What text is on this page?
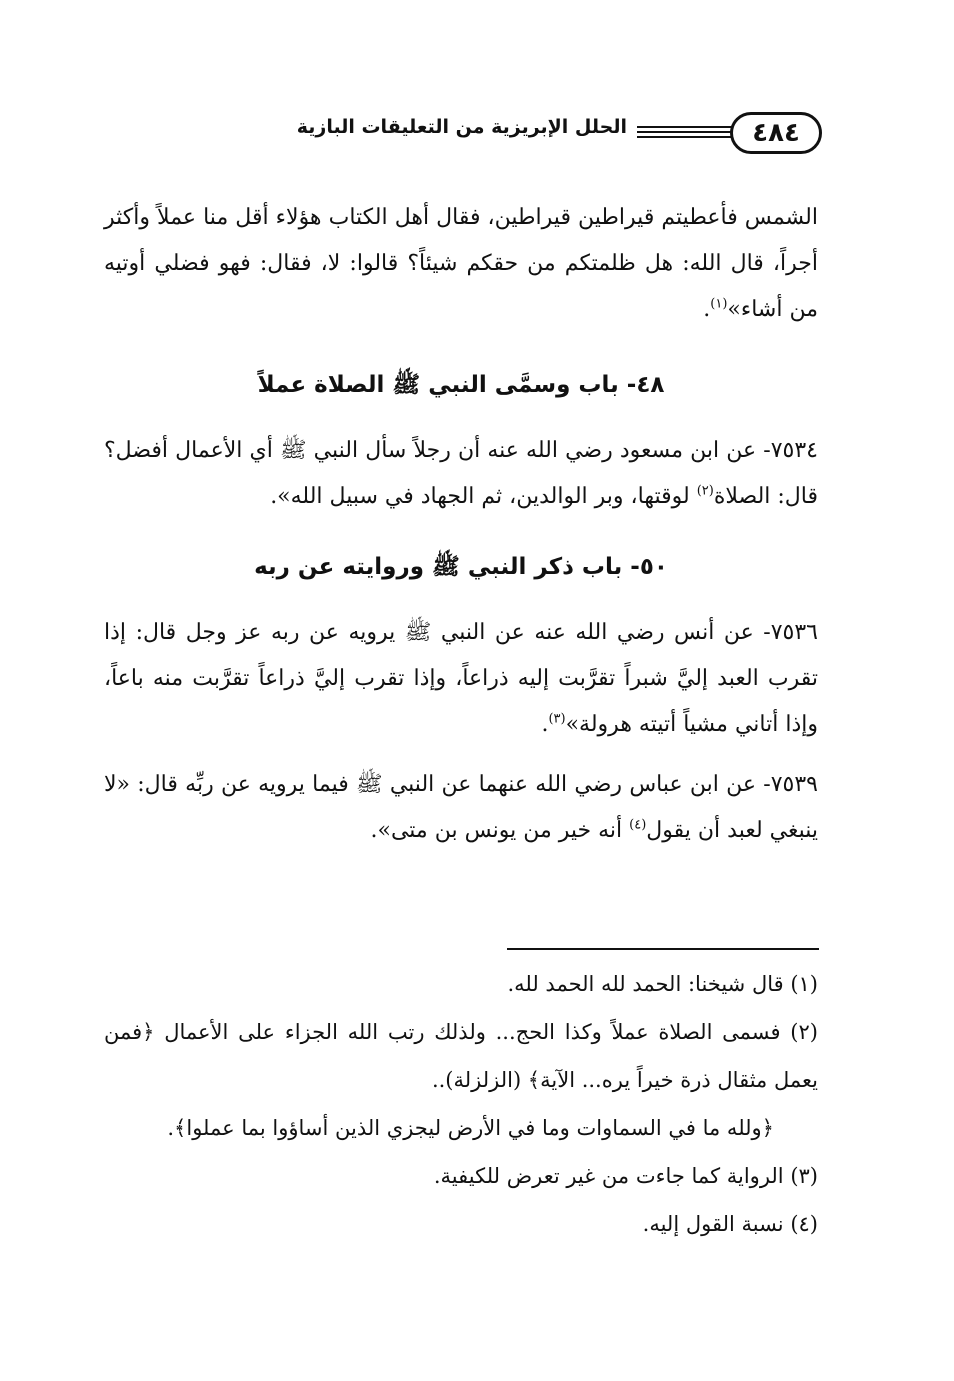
٤٨٤
الحلل الإبريزية من التعليقات البازية
الشمس فأعطيتم قيراطين قيراطين، فقال أهل الكتاب هؤلاء أقل منا عملاً وأكثر أجراً، قال الله: هل ظلمتكم من حقكم شيئاً؟ قالوا: لا، فقال: فهو فضلي أوتيه من أشاء»$^{(١)}$.
٤٨- باب وسمَّى النبي ﷺ الصلاة عملاً
٧٥٣٤- عن ابن مسعود رضي الله عنه أن رجلاً سأل النبي ﷺ أي الأعمال أفضل؟ قال: الصلاة$^{(٢)}$ لوقتها، وبر الوالدين، ثم الجهاد في سبيل الله».
٥٠- باب ذكر النبي ﷺ وروايته عن ربه
٧٥٣٦- عن أنس رضي الله عنه عن النبي ﷺ يرويه عن ربه عز وجل قال: إذا تقرب العبد إليَّ شبراً تقرَّبت إليه ذراعاً، وإذا تقرب إليَّ ذراعاً تقرَّبت منه باعاً، وإذا أتاني مشياً أتيته هرولة»$^{(٣)}$.
٧٥٣٩- عن ابن عباس رضي الله عنهما عن النبي ﷺ فيما يرويه عن ربِّه قال: «لا ينبغي لعبد أن يقول$^{(٤)}$ أنه خير من يونس بن متى».
(١) قال شيخنا: الحمد لله الحمد لله.
(٢) فسمى الصلاة عملاً وكذا الحج... ولذلك رتب الله الجزاء على الأعمال ﴿فمن يعمل مثقال ذرة خيراً يره... الآية﴾ (الزلزلة)..
﴿ولله ما في السماوات وما في الأرض ليجزي الذين أساؤوا بما عملوا﴾.
(٣) الرواية كما جاءت من غير تعرض للكيفية.
(٤) نسبة القول إليه.
